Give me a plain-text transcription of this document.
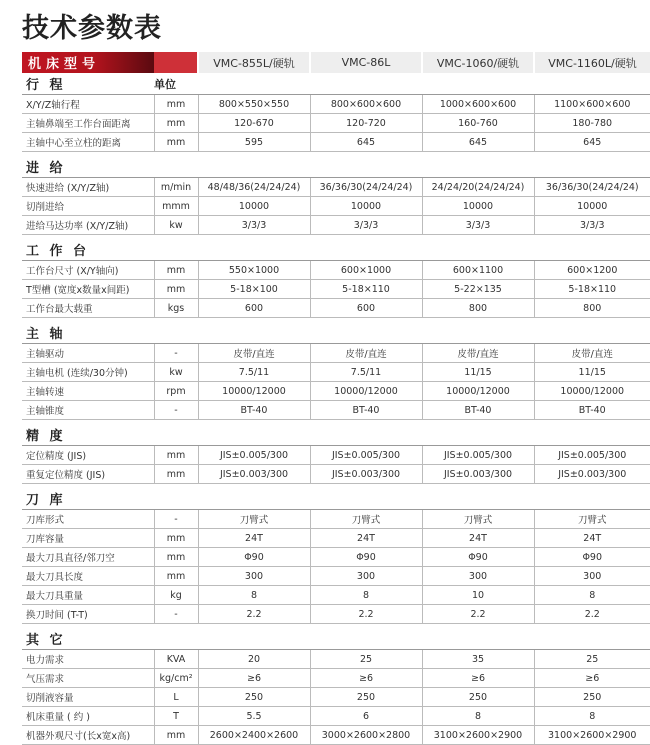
技术参数表
机床型号		VMC-855L/硬轨	VMC-86L	VMC-1060/硬轨	VMC-1160L/硬轨
行 程	单位				
X/Y/Z轴行程	mm	800×550×550	800×600×600	1000×600×600	1100×600×600
主轴鼻端至工作台面距离	mm	120-670	120-720	160-760	180-780
主轴中心至立柱的距离	mm	595	645	645	645

进 给					
快速进给 (X/Y/Z轴)	m/min	48/48/36(24/24/24)	36/36/30(24/24/24)	24/24/20(24/24/24)	36/36/30(24/24/24)
切削进给	mmm	10000	10000	10000	10000
进给马达功率 (X/Y/Z轴)	kw	3/3/3	3/3/3	3/3/3	3/3/3

工 作 台					
工作台尺寸 (X/Y轴向)	mm	550×1000	600×1000	600×1100	600×1200
T型槽 (宽度x数量x间距)	mm	5-18×100	5-18×110	5-22×135	5-18×110
工作台最大载重	kgs	600	600	800	800

主 轴					
主轴驱动	-	皮带/直连	皮带/直连	皮带/直连	皮带/直连
主轴电机 (连续/30分钟)	kw	7.5/11	7.5/11	11/15	11/15
主轴转速	rpm	10000/12000	10000/12000	10000/12000	10000/12000
主轴锥度	-	BT-40	BT-40	BT-40	BT-40

精 度					
定位精度 (JIS)	mm	JIS±0.005/300	JIS±0.005/300	JIS±0.005/300	JIS±0.005/300
重复定位精度 (JIS)	mm	JIS±0.003/300	JIS±0.003/300	JIS±0.003/300	JIS±0.003/300

刀 库					
刀库形式	-	刀臂式	刀臂式	刀臂式	刀臂式
刀库容量	mm	24T	24T	24T	24T
最大刀具直径/邻刀空	mm	Φ90	Φ90	Φ90	Φ90
最大刀具长度	mm	300	300	300	300
最大刀具重量	kg	8	8	10	8
换刀时间 (T-T)	-	2.2	2.2	2.2	2.2

其 它					
电力需求	KVA	20	25	35	25
气压需求	kg/cm²	≥6	≥6	≥6	≥6
切削液容量	L	250	250	250	250
机床重量 ( 约 )	T	5.5	6	8	8
机器外观尺寸(长x宽x高)	mm	2600×2400×2600	3000×2600×2800	3100×2600×2900	3100×2600×2900
